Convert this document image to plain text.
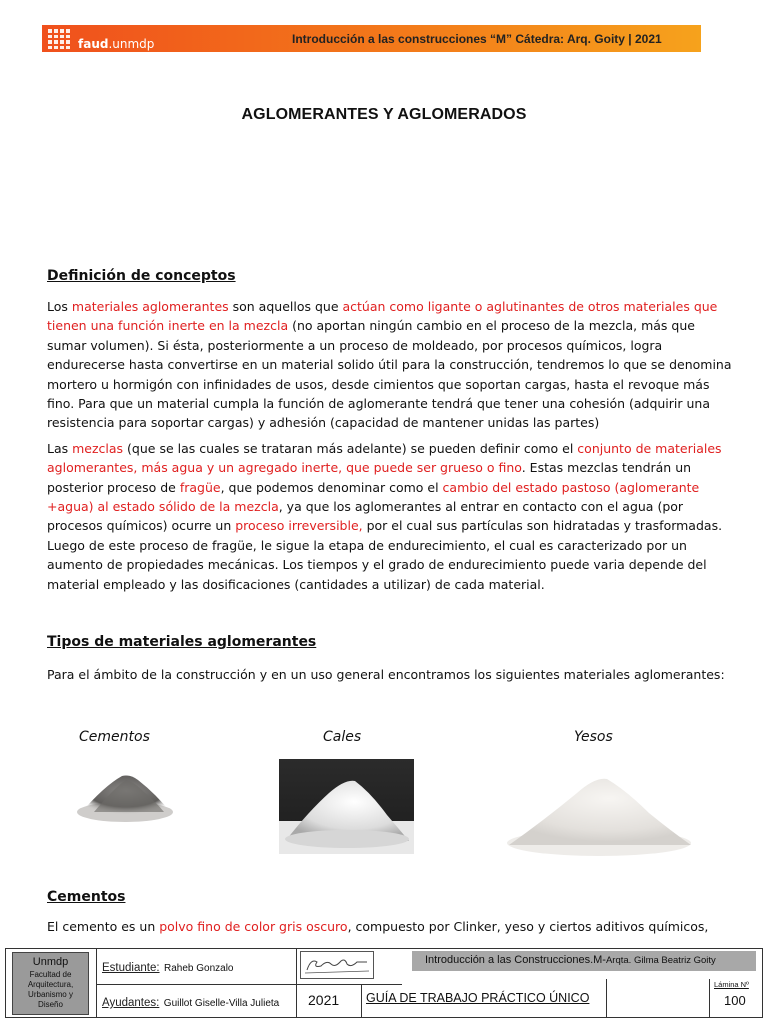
faud.unmdp	Introducción a las construcciones “M” Cátedra: Arq. Goity | 2021
AGLOMERANTES Y AGLOMERADOS
Definición de conceptos

Los materiales aglomerantes son aquellos que actúan como ligante o aglutinantes de otros materiales que tienen una función inerte en la mezcla (no aportan ningún cambio en el proceso de la mezcla, más que sumar volumen). Si ésta, posteriormente a un proceso de moldeado, por procesos químicos, logra endurecerse hasta convertirse en un material solido útil para la construcción, tendremos lo que se denomina mortero u hormigón con infinidades de usos, desde cimientos que soportan cargas, hasta el revoque más fino. Para que un material cumpla la función de aglomerante tendrá que tener una cohesión (adquirir una resistencia para soportar cargas) y adhesión (capacidad de mantener unidas las partes)

Las mezclas (que se las cuales se trataran más adelante) se pueden definir como el conjunto de materiales aglomerantes, más agua y un agregado inerte, que puede ser grueso o fino. Estas mezclas tendrán un posterior proceso de fragüe, que podemos denominar como el cambio del estado pastoso (aglomerante +agua) al estado sólido de la mezcla, ya que los aglomerantes al entrar en contacto con el agua (por procesos químicos) ocurre un proceso irreversible, por el cual sus partículas son hidratadas y trasformadas. Luego de este proceso de fragüe, le sigue la etapa de endurecimiento, el cual es caracterizado por un aumento de propiedades mecánicas. Los tiempos y el grado de endurecimiento puede varia depende del material empleado y las dosificaciones (cantidades a utilizar) de cada material.

Tipos de materiales aglomerantes
Para el ámbito de la construcción y en un uso general encontramos los siguientes materiales aglomerantes:
Cementos	Cales	Yesos
Cementos

El cemento es un polvo fino de color gris oscuro, compuesto por Clinker, yeso y ciertos aditivos químicos,

Unmdp
Facultad de
Arquitectura,
Urbanismo y
Diseño
Estudiante: Raheb Gonzalo
Ayudantes: Guillot Giselle-Villa Julieta 2021
Introducción a las Construcciones.M-Arqta. Gilma Beatriz Goity
GUÍA DE TRABAJO PRÁCTICO ÚNICO
Lámina Nº
100
